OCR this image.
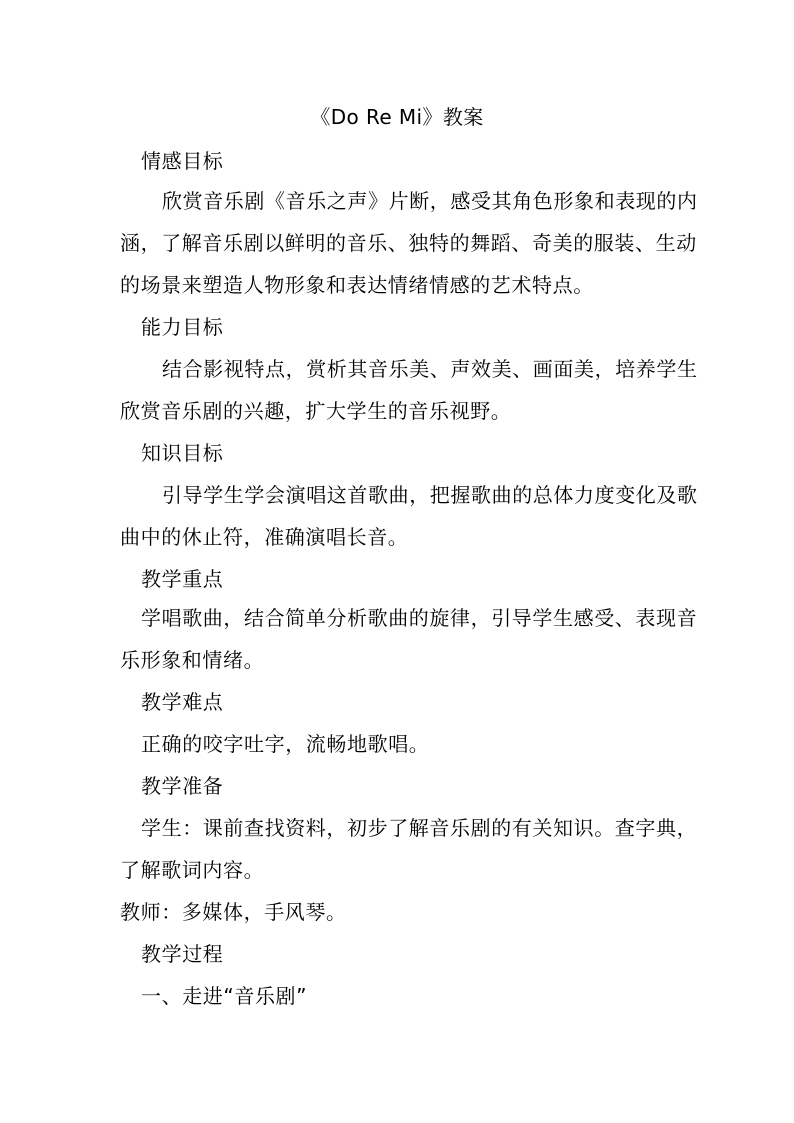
《Do Re Mi》教案
情感目标
欣赏音乐剧《音乐之声》片断，感受其角色形象和表现的内
涵，了解音乐剧以鲜明的音乐、独特的舞蹈、奇美的服装、生动
的场景来塑造人物形象和表达情绪情感的艺术特点。
能力目标
结合影视特点，赏析其音乐美、声效美、画面美，培养学生
欣赏音乐剧的兴趣，扩大学生的音乐视野。
知识目标
引导学生学会演唱这首歌曲，把握歌曲的总体力度变化及歌
曲中的休止符，准确演唱长音。
教学重点
学唱歌曲，结合简单分析歌曲的旋律，引导学生感受、表现音
乐形象和情绪。
教学难点
正确的咬字吐字，流畅地歌唱。
教学准备
学生：课前查找资料，初步了解音乐剧的有关知识。查字典，
了解歌词内容。
教师：多媒体，手风琴。
教学过程
一、走进“音乐剧”
